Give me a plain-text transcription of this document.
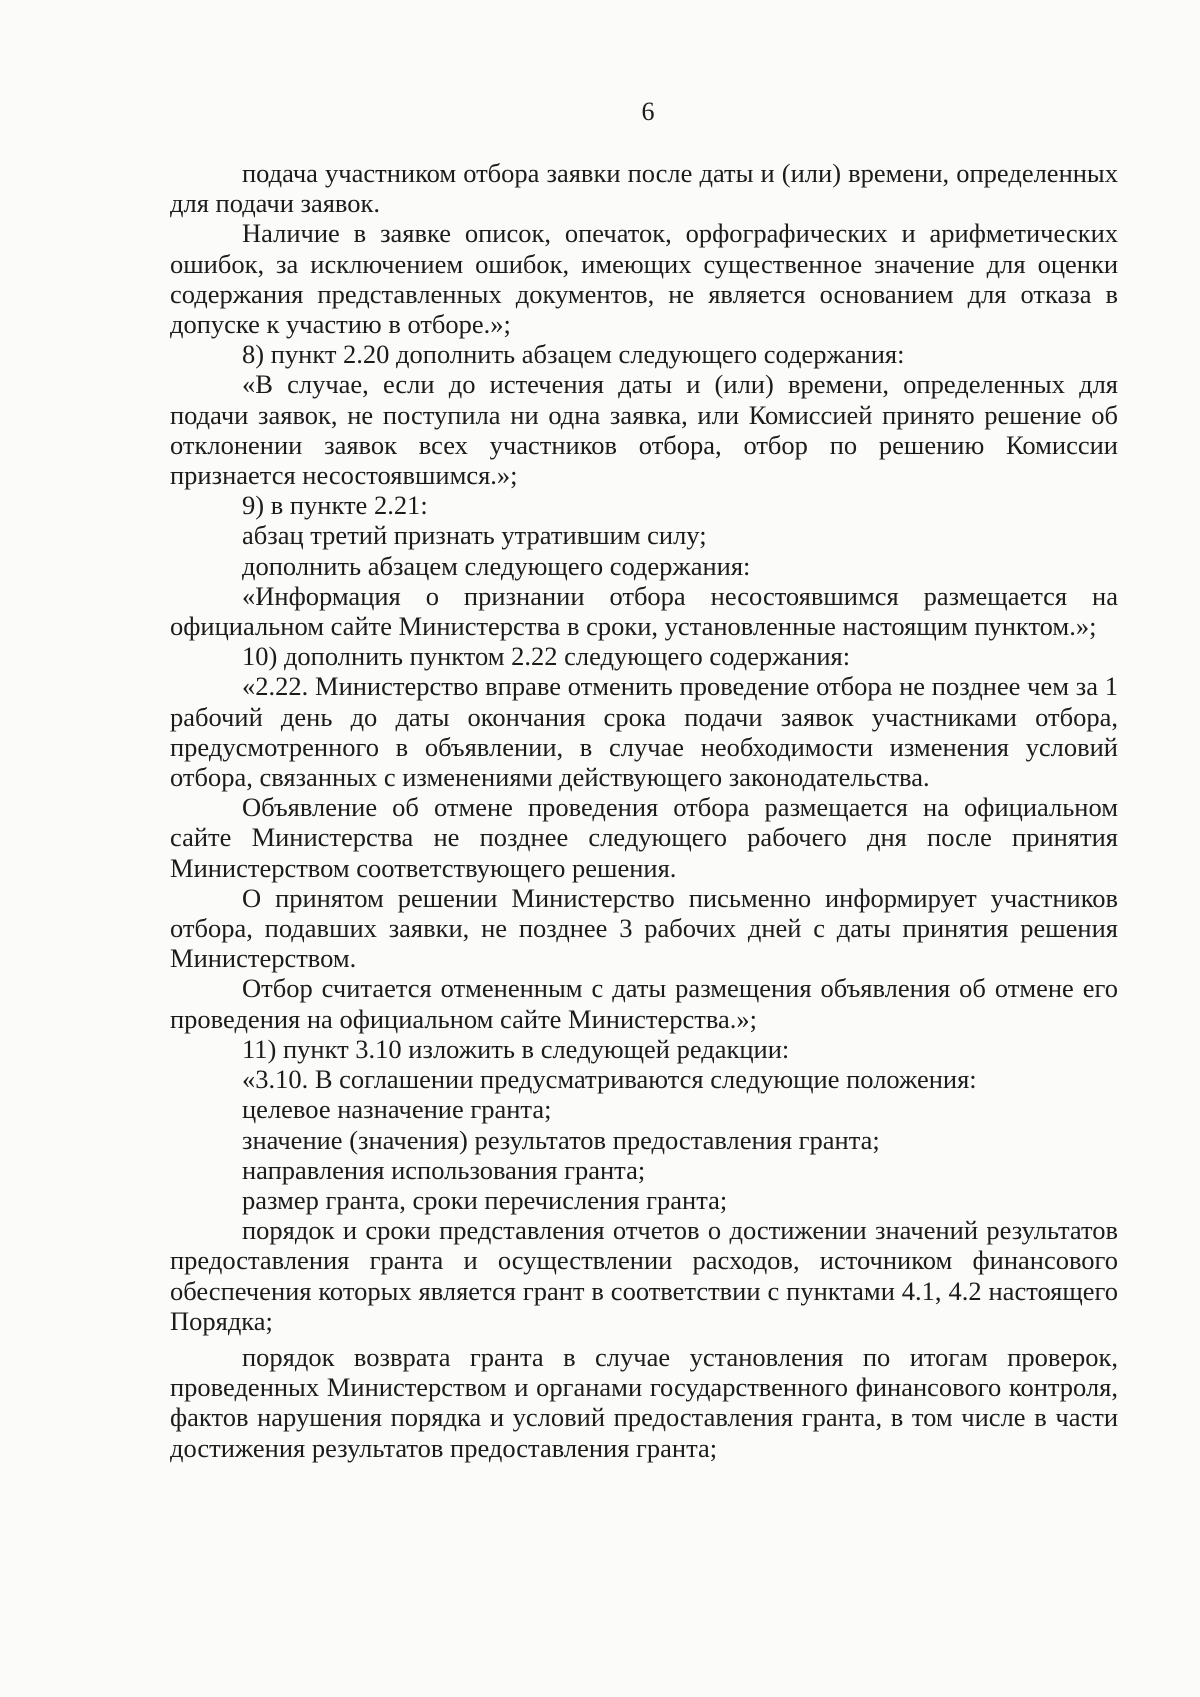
6

подача участником отбора заявки после даты и (или) времени, определенных для подачи заявок.

Наличие в заявке описок, опечаток, орфографических и арифметических ошибок, за исключением ошибок, имеющих существенное значение для оценки содержания представленных документов, не является основанием для отказа в допуске к участию в отборе.»;

8) пункт 2.20 дополнить абзацем следующего содержания:

«В случае, если до истечения даты и (или) времени, определенных для подачи заявок, не поступила ни одна заявка, или Комиссией принято решение об отклонении заявок всех участников отбора, отбор по решению Комиссии признается несостоявшимся.»;

9) в пункте 2.21:

абзац третий признать утратившим силу;

дополнить абзацем следующего содержания:

«Информация о признании отбора несостоявшимся размещается на официальном сайте Министерства в сроки, установленные настоящим пунктом.»;

10) дополнить пунктом 2.22 следующего содержания:

«2.22. Министерство вправе отменить проведение отбора не позднее чем за 1 рабочий день до даты окончания срока подачи заявок участниками отбора, предусмотренного в объявлении, в случае необходимости изменения условий отбора, связанных с изменениями действующего законодательства.

Объявление об отмене проведения отбора размещается на официальном сайте Министерства не позднее следующего рабочего дня после принятия Министерством соответствующего решения.

О принятом решении Министерство письменно информирует участников отбора, подавших заявки, не позднее 3 рабочих дней с даты принятия решения Министерством.

Отбор считается отмененным с даты размещения объявления об отмене его проведения на официальном сайте Министерства.»;

11) пункт 3.10 изложить в следующей редакции:

«3.10. В соглашении предусматриваются следующие положения:

целевое назначение гранта;

значение (значения) результатов предоставления гранта;

направления использования гранта;

размер гранта, сроки перечисления гранта;

порядок и сроки представления отчетов о достижении значений результатов предоставления гранта и осуществлении расходов, источником финансового обеспечения которых является грант в соответствии с пунктами 4.1, 4.2 настоящего Порядка;

порядок возврата гранта в случае установления по итогам проверок, проведенных Министерством и органами государственного финансового контроля, фактов нарушения порядка и условий предоставления гранта, в том числе в части достижения результатов предоставления гранта;
